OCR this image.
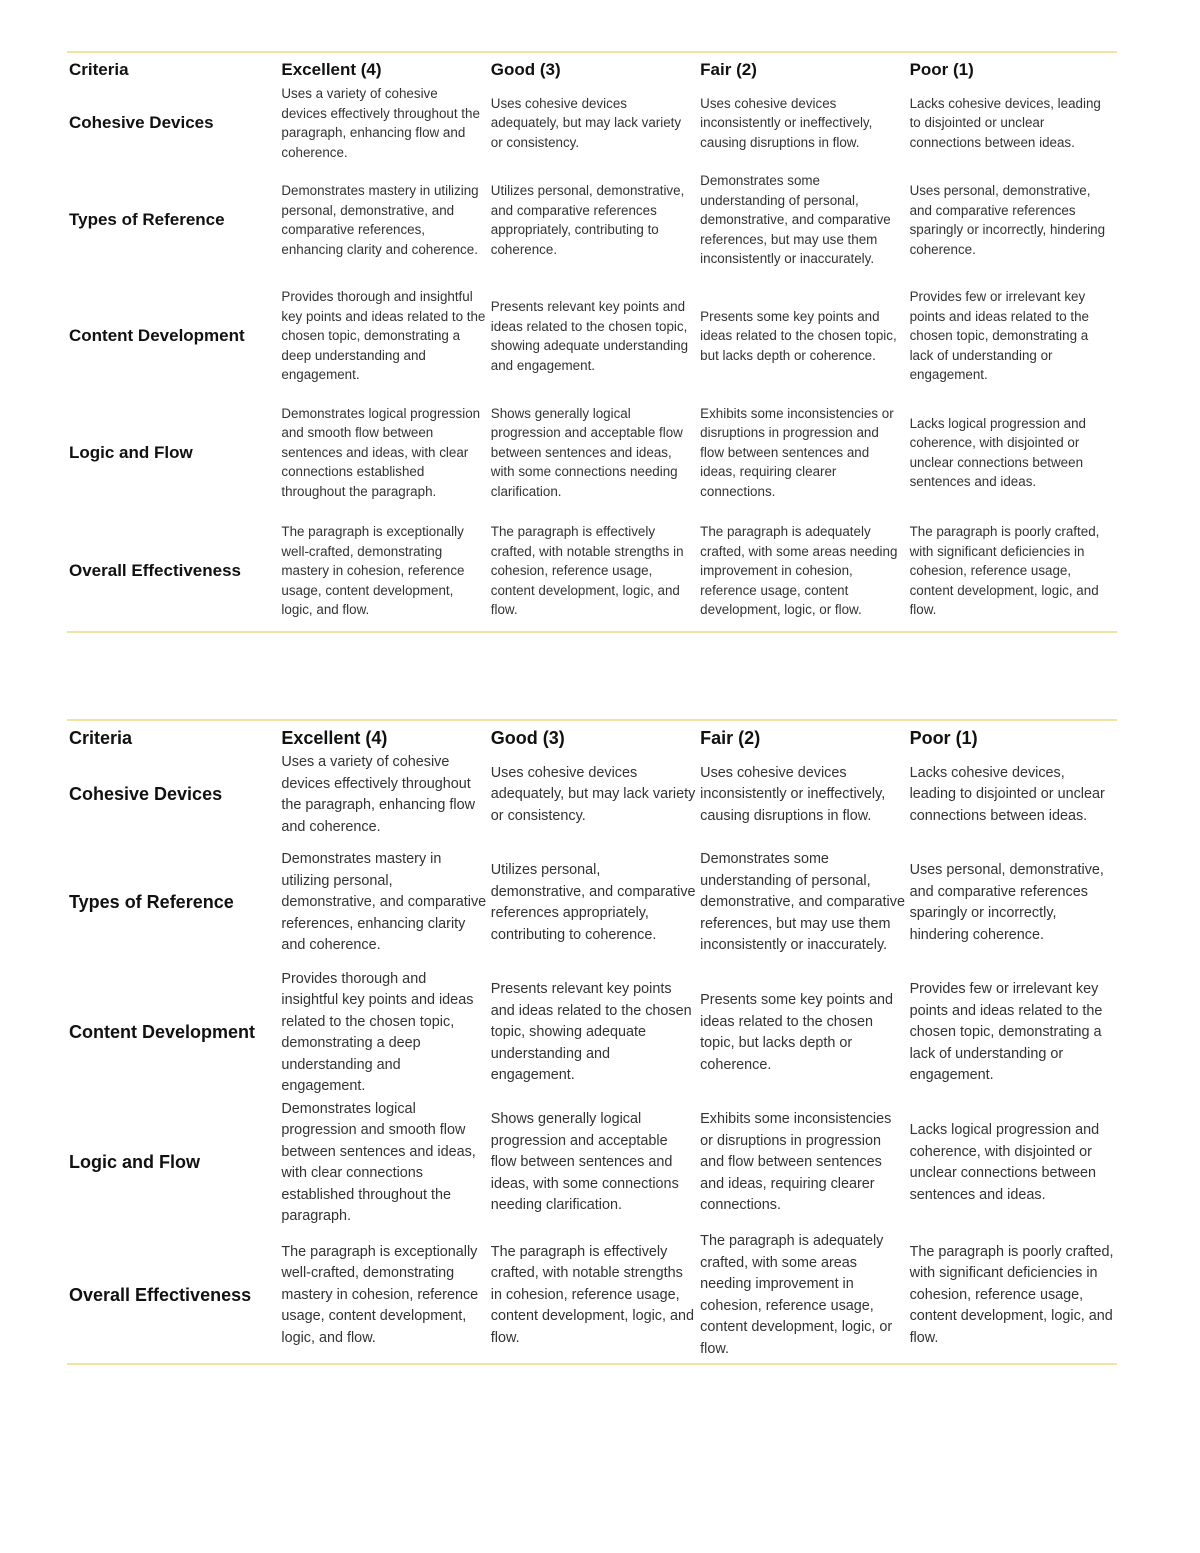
Criteria	Excellent (4)	Good (3)	Fair (2)	Poor (1)
Cohesive Devices	Uses a variety of cohesive devices effectively throughout the paragraph, enhancing flow and coherence.	Uses cohesive devices adequately, but may lack variety or consistency.	Uses cohesive devices inconsistently or ineffectively, causing disruptions in flow.	Lacks cohesive devices, leading to disjointed or unclear connections between ideas.
Types of Reference	Demonstrates mastery in utilizing personal, demonstrative, and comparative references, enhancing clarity and coherence.	Utilizes personal, demonstrative, and comparative references appropriately, contributing to coherence.	Demonstrates some understanding of personal, demonstrative, and comparative references, but may use them inconsistently or inaccurately.	Uses personal, demonstrative, and comparative references sparingly or incorrectly, hindering coherence.
Content Development	Provides thorough and insightful key points and ideas related to the chosen topic, demonstrating a deep understanding and engagement.	Presents relevant key points and ideas related to the chosen topic, showing adequate understanding and engagement.	Presents some key points and ideas related to the chosen topic, but lacks depth or coherence.	Provides few or irrelevant key points and ideas related to the chosen topic, demonstrating a lack of understanding or engagement.
Logic and Flow	Demonstrates logical progression and smooth flow between sentences and ideas, with clear connections established throughout the paragraph.	Shows generally logical progression and acceptable flow between sentences and ideas, with some connections needing clarification.	Exhibits some inconsistencies or disruptions in progression and flow between sentences and ideas, requiring clearer connections.	Lacks logical progression and coherence, with disjointed or unclear connections between sentences and ideas.
Overall Effectiveness	The paragraph is exceptionally well-crafted, demonstrating mastery in cohesion, reference usage, content development, logic, and flow.	The paragraph is effectively crafted, with notable strengths in cohesion, reference usage, content development, logic, and flow.	The paragraph is adequately crafted, with some areas needing improvement in cohesion, reference usage, content development, logic, or flow.	The paragraph is poorly crafted, with significant deficiencies in cohesion, reference usage, content development, logic, and flow.
Criteria	Excellent (4)	Good (3)	Fair (2)	Poor (1)
Cohesive Devices	Uses a variety of cohesive devices effectively throughout the paragraph, enhancing flow and coherence.	Uses cohesive devices adequately, but may lack variety or consistency.	Uses cohesive devices inconsistently or ineffectively, causing disruptions in flow.	Lacks cohesive devices, leading to disjointed or unclear connections between ideas.
Types of Reference	Demonstrates mastery in utilizing personal, demonstrative, and comparative references, enhancing clarity and coherence.	Utilizes personal, demonstrative, and comparative references appropriately, contributing to coherence.	Demonstrates some understanding of personal, demonstrative, and comparative references, but may use them inconsistently or inaccurately.	Uses personal, demonstrative, and comparative references sparingly or incorrectly, hindering coherence.
Content Development	Provides thorough and insightful key points and ideas related to the chosen topic, demonstrating a deep understanding and engagement.	Presents relevant key points and ideas related to the chosen topic, showing adequate understanding and engagement.	Presents some key points and ideas related to the chosen topic, but lacks depth or coherence.	Provides few or irrelevant key points and ideas related to the chosen topic, demonstrating a lack of understanding or engagement.
Logic and Flow	Demonstrates logical progression and smooth flow between sentences and ideas, with clear connections established throughout the paragraph.	Shows generally logical progression and acceptable flow between sentences and ideas, with some connections needing clarification.	Exhibits some inconsistencies or disruptions in progression and flow between sentences and ideas, requiring clearer connections.	Lacks logical progression and coherence, with disjointed or unclear connections between sentences and ideas.
Overall Effectiveness	The paragraph is exceptionally well-crafted, demonstrating mastery in cohesion, reference usage, content development, logic, and flow.	The paragraph is effectively crafted, with notable strengths in cohesion, reference usage, content development, logic, and flow.	The paragraph is adequately crafted, with some areas needing improvement in cohesion, reference usage, content development, logic, or flow.	The paragraph is poorly crafted, with significant deficiencies in cohesion, reference usage, content development, logic, and flow.
